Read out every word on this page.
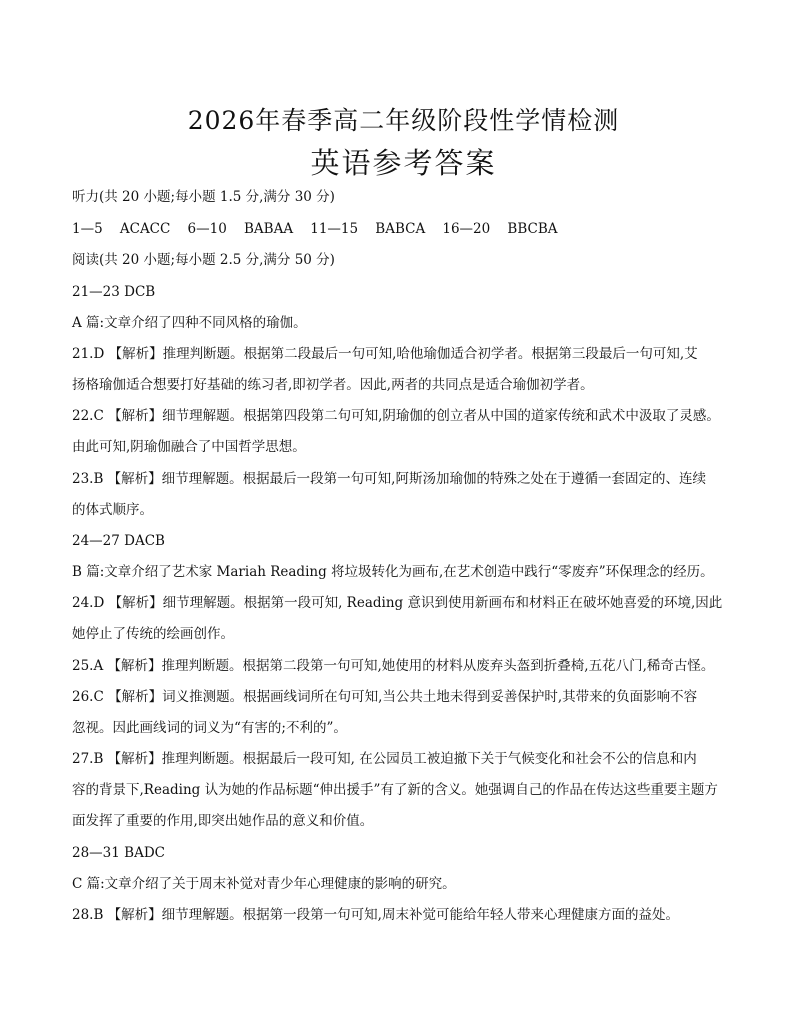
2026年春季高二年级阶段性学情检测
英语参考答案
听力(共 20 小题;每小题 1.5 分,满分 30 分)
1—5 ACACC 6—10 BABAA 11—15 BABCA 16—20 BBCBA
阅读(共 20 小题;每小题 2.5 分,满分 50 分)
21—23 DCB
A 篇:文章介绍了四种不同风格的瑜伽。
21.D 【解析】推理判断题。根据第二段最后一句可知,哈他瑜伽适合初学者。根据第三段最后一句可知,艾
扬格瑜伽适合想要打好基础的练习者,即初学者。因此,两者的共同点是适合瑜伽初学者。
22.C 【解析】细节理解题。根据第四段第二句可知,阴瑜伽的创立者从中国的道家传统和武术中汲取了灵感。
由此可知,阴瑜伽融合了中国哲学思想。
23.B 【解析】细节理解题。根据最后一段第一句可知,阿斯汤加瑜伽的特殊之处在于遵循一套固定的、连续
的体式顺序。
24—27 DACB
B 篇:文章介绍了艺术家 Mariah Reading 将垃圾转化为画布,在艺术创造中践行“零废弃”环保理念的经历。
24.D 【解析】细节理解题。根据第一段可知, Reading 意识到使用新画布和材料正在破坏她喜爱的环境,因此
她停止了传统的绘画创作。
25.A 【解析】推理判断题。根据第二段第一句可知,她使用的材料从废弃头盔到折叠椅,五花八门,稀奇古怪。
26.C 【解析】词义推测题。根据画线词所在句可知,当公共土地未得到妥善保护时,其带来的负面影响不容
忽视。因此画线词的词义为“有害的;不利的”。
27.B 【解析】推理判断题。根据最后一段可知, 在公园员工被迫撤下关于气候变化和社会不公的信息和内
容的背景下,Reading 认为她的作品标题“伸出援手”有了新的含义。她强调自己的作品在传达这些重要主题方
面发挥了重要的作用,即突出她作品的意义和价值。
28—31 BADC
C 篇:文章介绍了关于周末补觉对青少年心理健康的影响的研究。
28.B 【解析】细节理解题。根据第一段第一句可知,周末补觉可能给年轻人带来心理健康方面的益处。
